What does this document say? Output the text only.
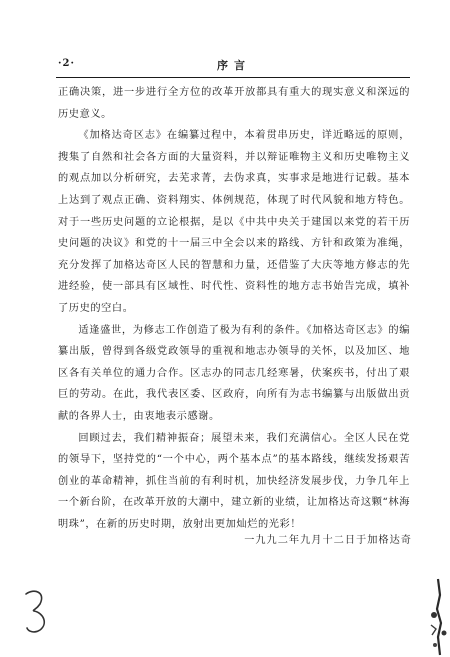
·2·	序言

正确决策，进一步进行全方位的改革开放都具有重大的现实意义和深远的历史意义。

《加格达奇区志》在编纂过程中，本着贯串历史，详近略远的原则，搜集了自然和社会各方面的大量资料，并以辩证唯物主义和历史唯物主义的观点加以分析研究，去芜求菁，去伪求真，实事求是地进行记载。基本上达到了观点正确、资料翔实、体例规范，体现了时代风貌和地方特色。对于一些历史问题的立论根据，是以《中共中央关于建国以来党的若干历史问题的决议》和党的十一届三中全会以来的路线、方针和政策为准绳，充分发挥了加格达奇区人民的智慧和力量，还借鉴了大庆等地方修志的先进经验，使一部具有区域性、时代性、资料性的地方志书始告完成，填补了历史的空白。

适逢盛世，为修志工作创造了极为有利的条件。《加格达奇区志》的编纂出版，曾得到各级党政领导的重视和地志办领导的关怀，以及加区、地区各有关单位的通力合作。区志办的同志几经寒暑，伏案疾书，付出了艰巨的劳动。在此，我代表区委、区政府，向所有为志书编纂与出版做出贡献的各界人士，由衷地表示感谢。

回顾过去，我们精神振奋；展望未来，我们充满信心。全区人民在党的领导下，坚持党的“一个中心，两个基本点”的基本路线，继续发扬艰苦创业的革命精神，抓住当前的有利时机，加快经济发展步伐，力争几年上一个新台阶，在改革开放的大潮中，建立新的业绩，让加格达奇这颗“林海明珠”，在新的历史时期，放射出更加灿烂的光彩！

一九九二年九月十二日于加格达奇
